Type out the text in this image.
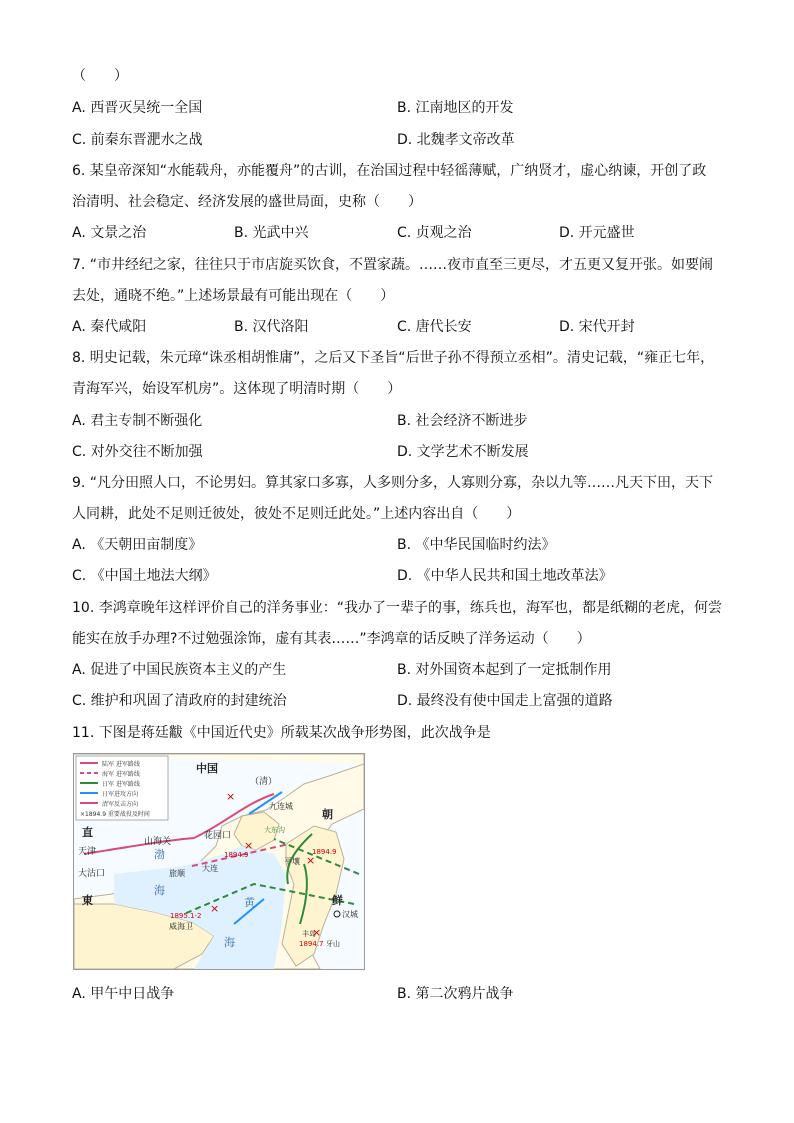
（　　）
A. 西晋灭吴统一全国	B. 江南地区的开发
C. 前秦东晋淝水之战	D. 北魏孝文帝改革
6. 某皇帝深知“水能载舟，亦能覆舟”的古训，在治国过程中轻徭薄赋，广纳贤才，虚心纳谏，开创了政
治清明、社会稳定、经济发展的盛世局面，史称（　　）
A. 文景之治	B. 光武中兴	C. 贞观之治	D. 开元盛世
7. “市井经纪之家，往往只于市店旋买饮食，不置家蔬。……夜市直至三更尽，才五更又复开张。如要闹
去处，通晓不绝。”上述场景最有可能出现在（　　）
A. 秦代咸阳	B. 汉代洛阳	C. 唐代长安	D. 宋代开封
8. 明史记载，朱元璋“诛丞相胡惟庸”，之后又下圣旨“后世子孙不得预立丞相”。清史记载，“雍正七年，
青海军兴，始设军机房”。这体现了明清时期（　　）
A. 君主专制不断强化	B. 社会经济不断进步
C. 对外交往不断加强	D. 文学艺术不断发展
9. “凡分田照人口，不论男妇。算其家口多寡，人多则分多，人寡则分寡，杂以九等……凡天下田，天下
人同耕，此处不足则迁彼处，彼处不足则迁此处。”上述内容出自（　　）
A. 《天朝田亩制度》	B. 《中华民国临时约法》
C. 《中国土地法大纲》	D. 《中华人民共和国土地改革法》
10. 李鸿章晚年这样评价自己的洋务事业：“我办了一辈子的事，练兵也，海军也，都是纸糊的老虎，何尝
能实在放手办理?不过勉强涂饰，虚有其表……”李鸿章的话反映了洋务运动（　　）
A. 促进了中国民族资本主义的产生	B. 对外国资本起到了一定抵制作用
C. 维护和巩固了清政府的封建统治	D. 最终没有使中国走上富强的道路
11. 下图是蒋廷黻《中国近代史》所载某次战争形势图，此次战争是
×
×
×
×
×
陆军 进军路线
海军 进军路线
日军 进军路线
日军进攻方向
清军反击方向
×1894.9 重要战役及时间
中国
（清）
山海关
九连城
花园口
大连
旅顺
天津
大沽口
直
東
渤
海
黄
海
威海卫
平壤
朝
鲜
汉城
丰岛
牙山
1894.9	1894.9
1895.1-2
1894.7
大东沟
A. 甲午中日战争	B. 第二次鸦片战争
